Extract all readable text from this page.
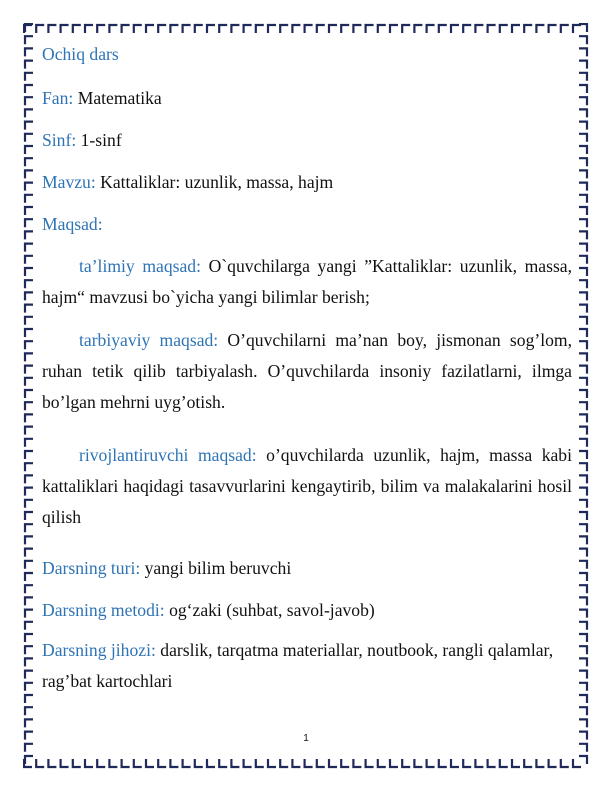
Ochiq dars
Fan: Matematika
Sinf: 1-sinf
Mavzu: Kattaliklar: uzunlik, massa, hajm
Maqsad:
ta’limiy maqsad: O`quvchilarga yangi ”Kattaliklar: uzunlik, massa, hajm“ mavzusi bo`yicha yangi bilimlar berish;
tarbiyaviy maqsad: O’quvchilarni ma’nan boy, jismonan sog’lom, ruhan tetik qilib tarbiyalash. O’quvchilarda insoniy fazilatlarni, ilmga bo’lgan mehrni uyg’otish.
rivojlantiruvchi maqsad: o’quvchilarda uzunlik, hajm, massa kabi kattaliklari haqidagi tasavvurlarini kengaytirib, bilim va malakalarini hosil qilish
Darsning turi: yangi bilim beruvchi
Darsning metodi: og‘zaki (suhbat, savol-javob)
Darsning jihozi: darslik, tarqatma materiallar, noutbook, rangli qalamlar, rag’bat kartochlari
1
